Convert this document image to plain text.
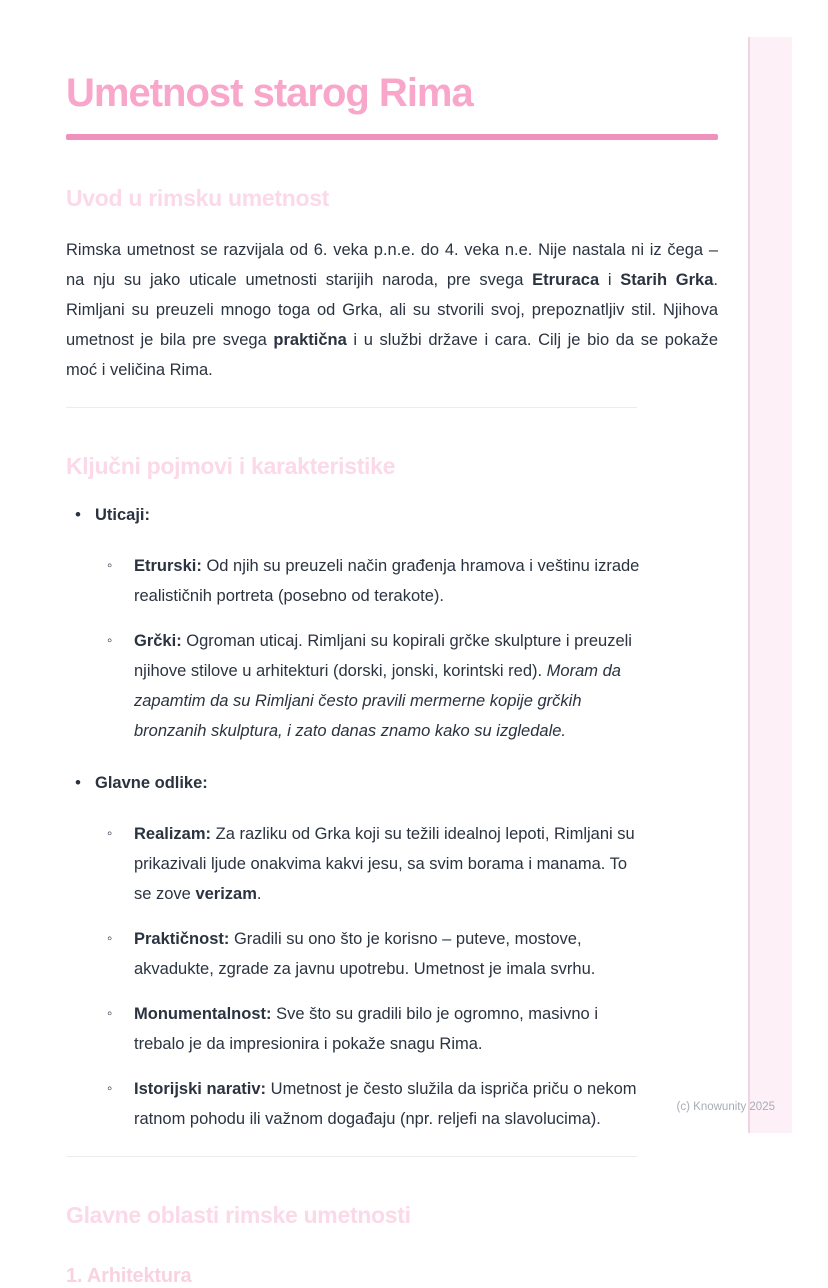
Umetnost starog Rima
Uvod u rimsku umetnost

Rimska umetnost se razvijala od 6. veka p.n.e. do 4. veka n.e. Nije nastala ni iz čega – na nju su jako uticale umetnosti starijih naroda, pre svega Etruraca i Starih Grka. Rimljani su preuzeli mnogo toga od Grka, ali su stvorili svoj, prepoznatljiv stil. Njihova umetnost je bila pre svega praktična i u službi države i cara. Cilj je bio da se pokaže moć i veličina Rima.

Ključni pojmovi i karakteristike
• Uticaji:
◦ Etrurski: Od njih su preuzeli način građenja hramova i veštinu izrade realističnih portreta (posebno od terakote).
◦ Grčki: Ogroman uticaj. Rimljani su kopirali grčke skulpture i preuzeli njihove stilove u arhitekturi (dorski, jonski, korintski red). Moram da zapamtim da su Rimljani često pravili mermerne kopije grčkih bronzanih skulptura, i zato danas znamo kako su izgledale.
• Glavne odlike:
◦ Realizam: Za razliku od Grka koji su težili idealnoj lepoti, Rimljani su prikazivali ljude onakvima kakvi jesu, sa svim borama i manama. To se zove verizam.
◦ Praktičnost: Gradili su ono što je korisno – puteve, mostove, akvadukte, zgrade za javnu upotrebu. Umetnost je imala svrhu.
◦ Monumentalnost: Sve što su gradili bilo je ogromno, masivno i trebalo je da impresionira i pokaže snagu Rima.
◦ Istorijski narativ: Umetnost je često služila da ispriča priču o nekom ratnom pohodu ili važnom događaju (npr. reljefi na slavolucima).
Glavne oblasti rimske umetnosti
1. Arhitektura
(c) Knowunity 2025
